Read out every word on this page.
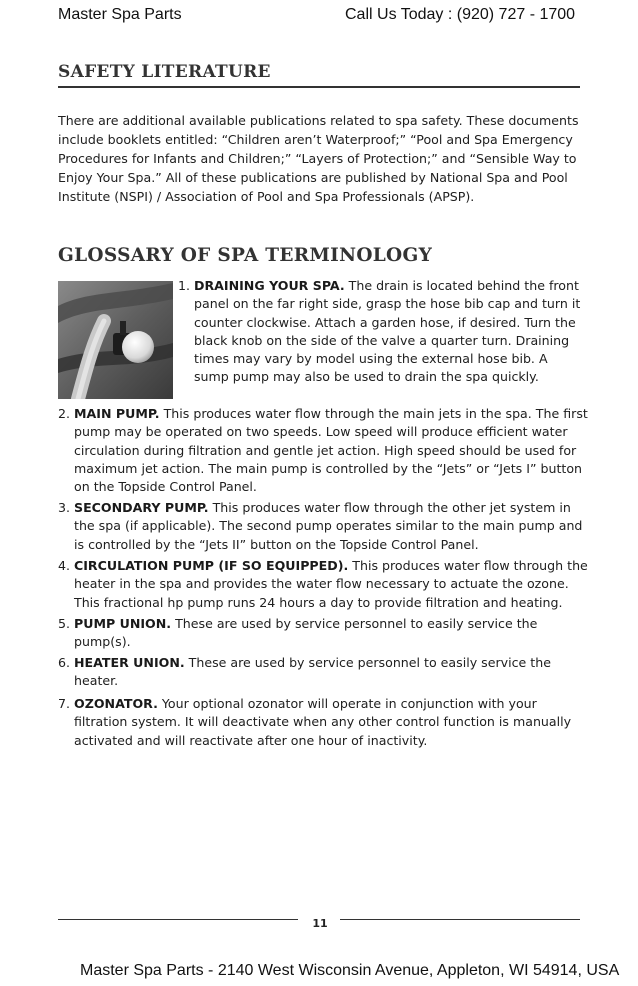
Master Spa Parts	Call Us Today : (920) 727 - 1700
SAFETY LITERATURE

There are additional available publications related to spa safety. These documents include booklets entitled: “Children aren’t Waterproof;” “Pool and Spa Emergency Procedures for Infants and Children;” “Layers of Protection;” and “Sensible Way to Enjoy Your Spa.” All of these publications are published by National Spa and Pool Institute (NSPI) / Association of Pool and Spa Professionals (APSP).

GLOSSARY OF SPA TERMINOLOGY
1. DRAINING YOUR SPA. The drain is located behind the front panel on the far right side, grasp the hose bib cap and turn it counter clockwise. Attach a garden hose, if desired. Turn the black knob on the side of the valve a quarter turn. Draining times may vary by model using the external hose bib. A sump pump may also be used to drain the spa quickly.
2. MAIN PUMP. This produces water flow through the main jets in the spa. The first pump may be operated on two speeds. Low speed will produce efficient water circulation during filtration and gentle jet action. High speed should be used for maximum jet action. The main pump is controlled by the “Jets” or “Jets I” button on the Topside Control Panel.
3. SECONDARY PUMP. This produces water flow through the other jet system in the spa (if applicable). The second pump operates similar to the main pump and is controlled by the “Jets II” button on the Topside Control Panel.
4. CIRCULATION PUMP (IF SO EQUIPPED). This produces water flow through the heater in the spa and provides the water flow necessary to actuate the ozone. This fractional hp pump runs 24 hours a day to provide filtration and heating.
5. PUMP UNION. These are used by service personnel to easily service the pump(s).
6. HEATER UNION. These are used by service personnel to easily service the heater.
7. OZONATOR. Your optional ozonator will operate in conjunction with your filtration system. It will deactivate when any other control function is manually activated and will reactivate after one hour of inactivity.
11

Master Spa Parts - 2140 West Wisconsin Avenue, Appleton, WI 54914, USA
